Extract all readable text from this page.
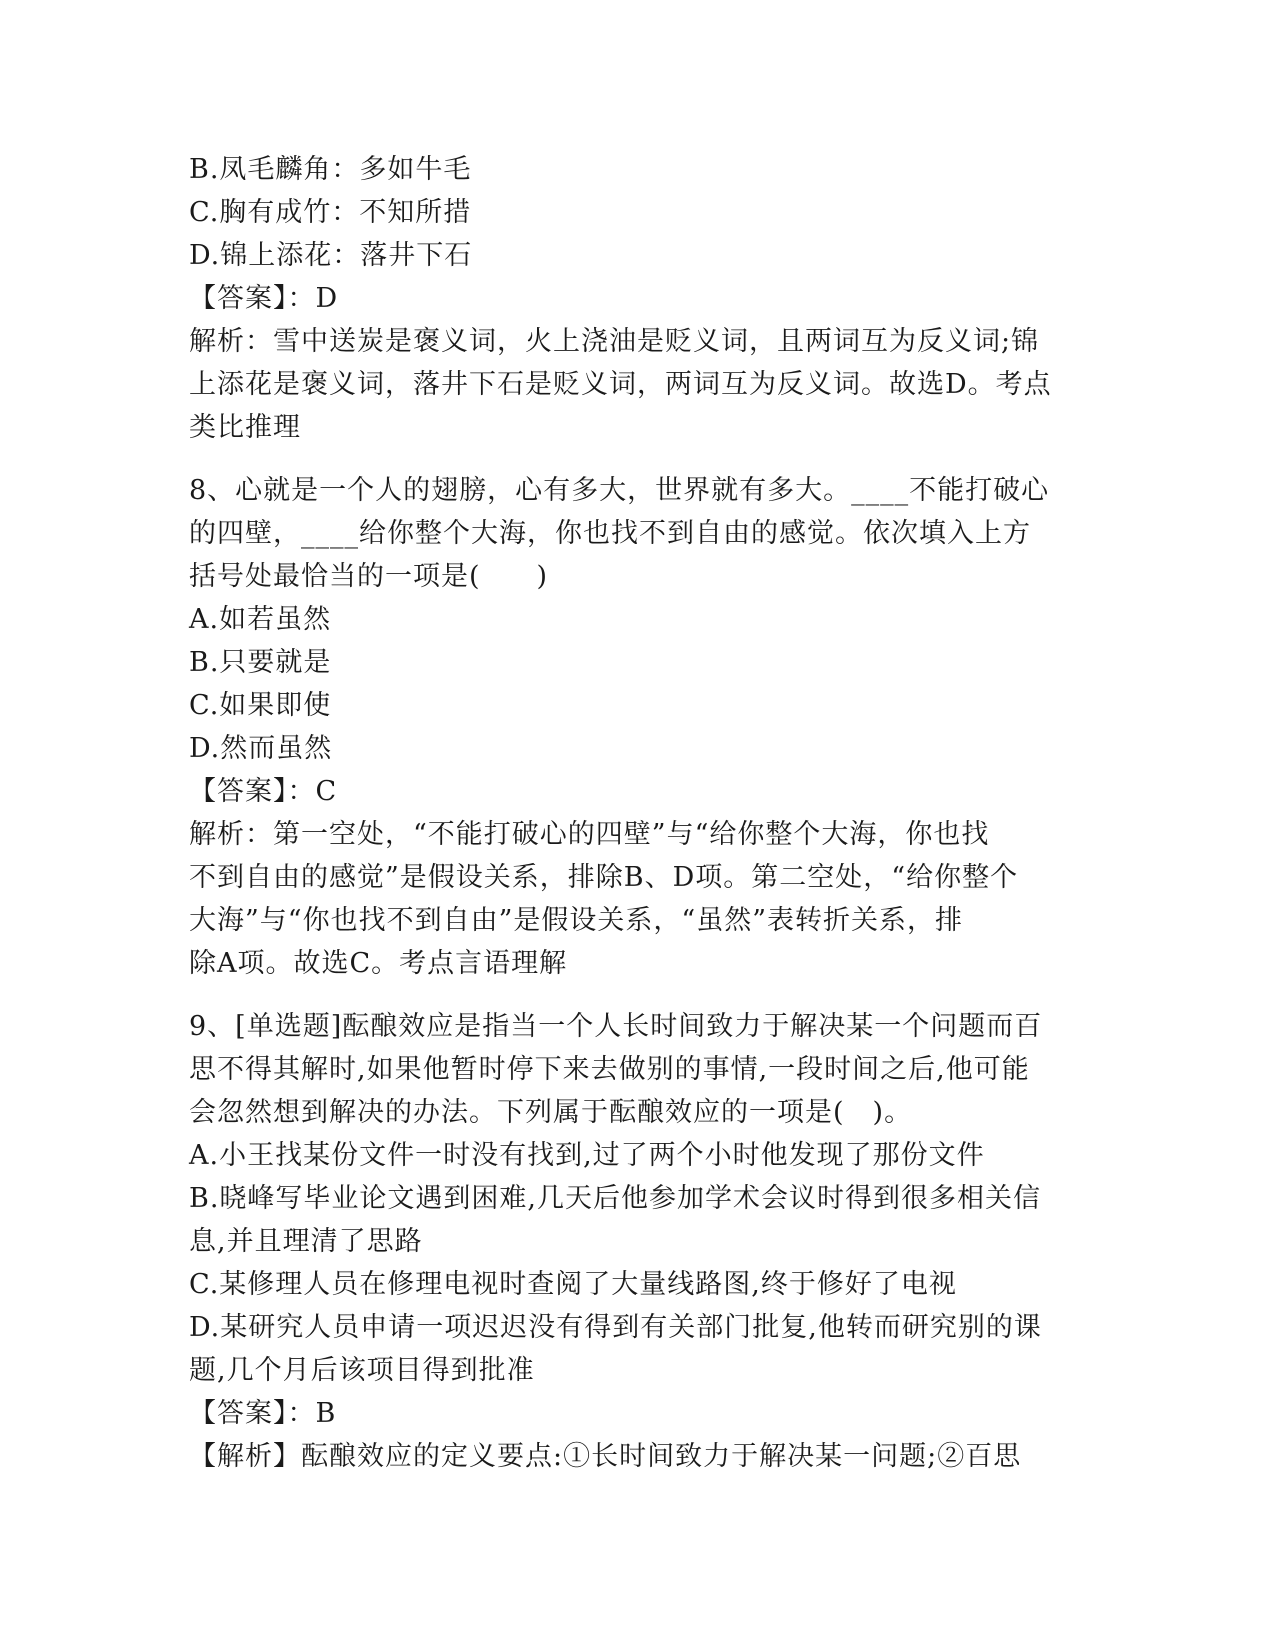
B.凤毛麟角：多如牛毛
C.胸有成竹：不知所措
D.锦上添花：落井下石
【答案】：D
解析：雪中送炭是褒义词，火上浇油是贬义词，且两词互为反义词;锦
上添花是褒义词，落井下石是贬义词，两词互为反义词。故选D。考点
类比推理
8、心就是一个人的翅膀，心有多大，世界就有多大。____不能打破心
的四壁，____给你整个大海，你也找不到自由的感觉。依次填入上方
括号处最恰当的一项是(　　)
A.如若虽然
B.只要就是
C.如果即使
D.然而虽然
【答案】：C
解析：第一空处，“不能打破心的四壁”与“给你整个大海，你也找
不到自由的感觉”是假设关系，排除B、D项。第二空处，“给你整个
大海”与“你也找不到自由”是假设关系，“虽然”表转折关系，排
除A项。故选C。考点言语理解
9、[单选题]酝酿效应是指当一个人长时间致力于解决某一个问题而百
思不得其解时,如果他暂时停下来去做别的事情,一段时间之后,他可能
会忽然想到解决的办法。下列属于酝酿效应的一项是(　)。
A.小王找某份文件一时没有找到,过了两个小时他发现了那份文件
B.晓峰写毕业论文遇到困难,几天后他参加学术会议时得到很多相关信
息,并且理清了思路
C.某修理人员在修理电视时查阅了大量线路图,终于修好了电视
D.某研究人员申请一项迟迟没有得到有关部门批复,他转而研究别的课
题,几个月后该项目得到批准
【答案】：B
【解析】酝酿效应的定义要点:①长时间致力于解决某一问题;②百思
